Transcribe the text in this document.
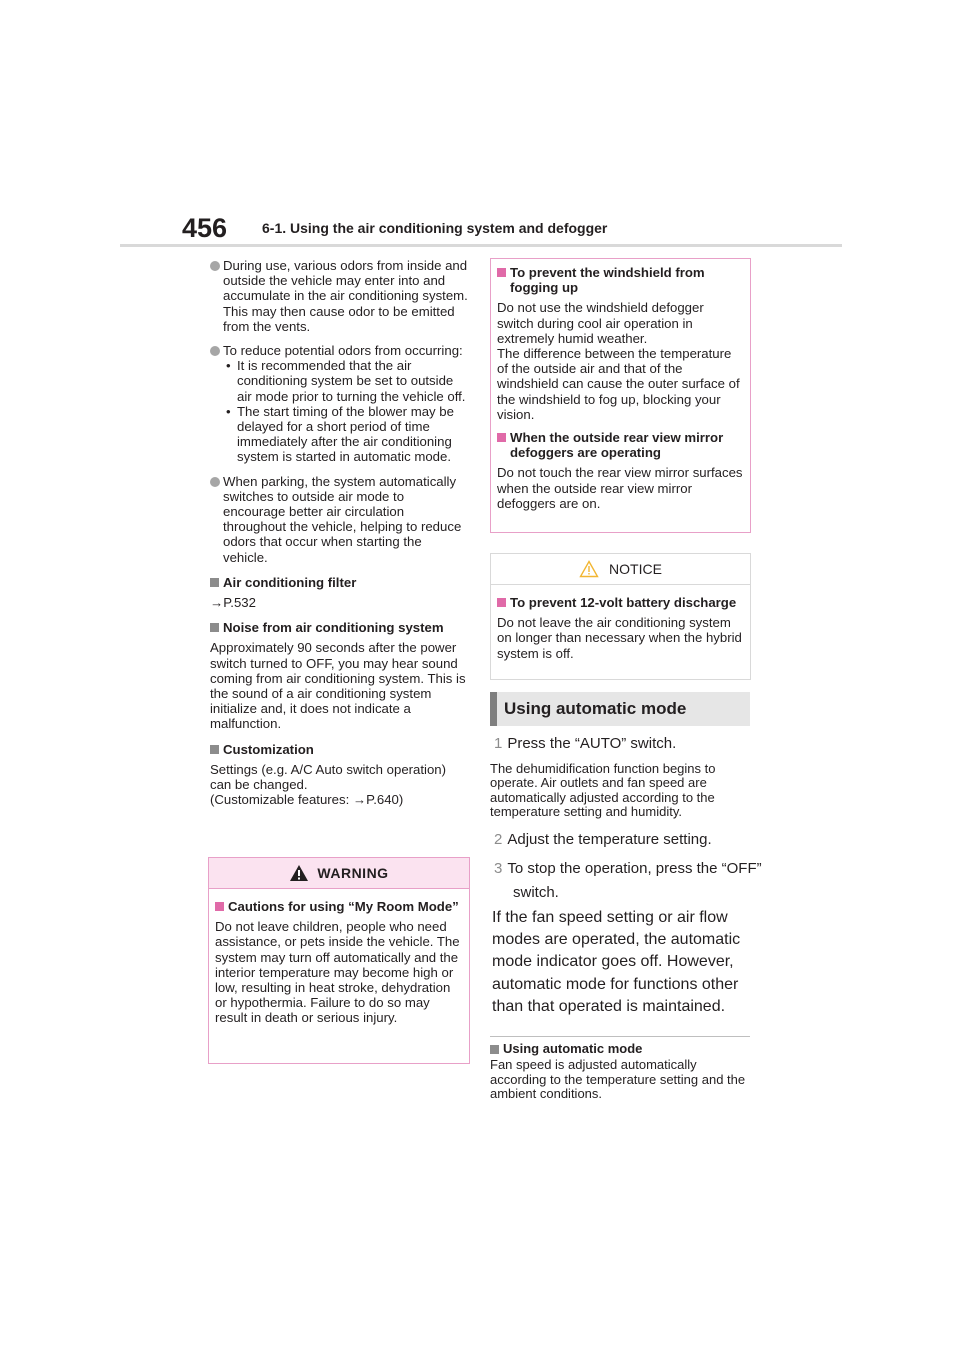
456 6-1. Using the air conditioning system and defogger
During use, various odors from inside and outside the vehicle may enter into and accumulate in the air conditioning system. This may then cause odor to be emitted from the vents.
To reduce potential odors from occurring:
• It is recommended that the air conditioning system be set to outside air mode prior to turning the vehicle off.
• The start timing of the blower may be delayed for a short period of time immediately after the air conditioning system is started in automatic mode.
When parking, the system automatically switches to outside air mode to encourage better air circulation throughout the vehicle, helping to reduce odors that occur when starting the vehicle.
Air conditioning filter
→P.532
Noise from air conditioning system
Approximately 90 seconds after the power switch turned to OFF, you may hear sound coming from air conditioning system. This is the sound of a air conditioning system initialize and, it does not indicate a malfunction.
Customization
Settings (e.g. A/C Auto switch operation) can be changed.
(Customizable features: →P.640)
WARNING
Cautions for using “My Room Mode”
Do not leave children, people who need assistance, or pets inside the vehicle. The system may turn off automatically and the interior temperature may become high or low, resulting in heat stroke, dehydration or hypothermia. Failure to do so may result in death or serious injury.
To prevent the windshield from fogging up
Do not use the windshield defogger switch during cool air operation in extremely humid weather.
The difference between the temperature of the outside air and that of the windshield can cause the outer surface of the windshield to fog up, blocking your vision.
When the outside rear view mirror defoggers are operating
Do not touch the rear view mirror surfaces when the outside rear view mirror defoggers are on.
NOTICE
To prevent 12-volt battery discharge
Do not leave the air conditioning system on longer than necessary when the hybrid system is off.
Using automatic mode
1 Press the “AUTO” switch.
The dehumidification function begins to operate. Air outlets and fan speed are automatically adjusted according to the temperature setting and humidity.
2 Adjust the temperature setting.
3 To stop the operation, press the “OFF” switch.
If the fan speed setting or air flow modes are operated, the automatic mode indicator goes off. However, automatic mode for functions other than that operated is maintained.
Using automatic mode
Fan speed is adjusted automatically according to the temperature setting and the ambient conditions.
